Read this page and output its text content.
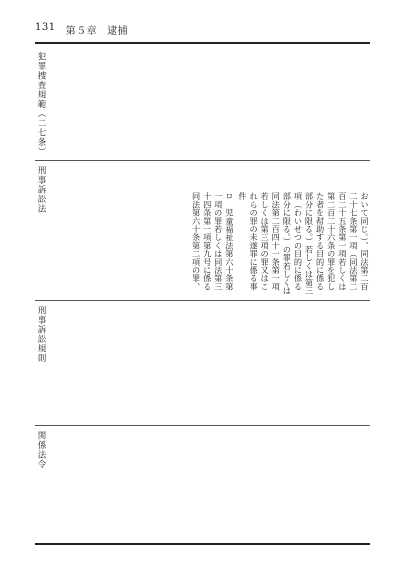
131 第５章 逮捕
犯罪捜査規範（二七条）
刑事訴訟法
刑事訴訟規則
関係法令

おいて同じ。）、同法第二百二十七条第一項（同法第二百二十五条第一項若しくは第二百二十六条の罪を犯した者を幇助する目的に係る部分に限る。）若しくは第三項（わいせつの目的に係る部分に限る。）の罪若しくは同法第二百四十一条第一項若しくは第三項の罪又はこれらの罪の未遂罪に係る事件

ロ　児童福祉法第六十条第一項の罪若しくは同法第三十四条第一項第九号に係る同法第六十条第二項の罪、
